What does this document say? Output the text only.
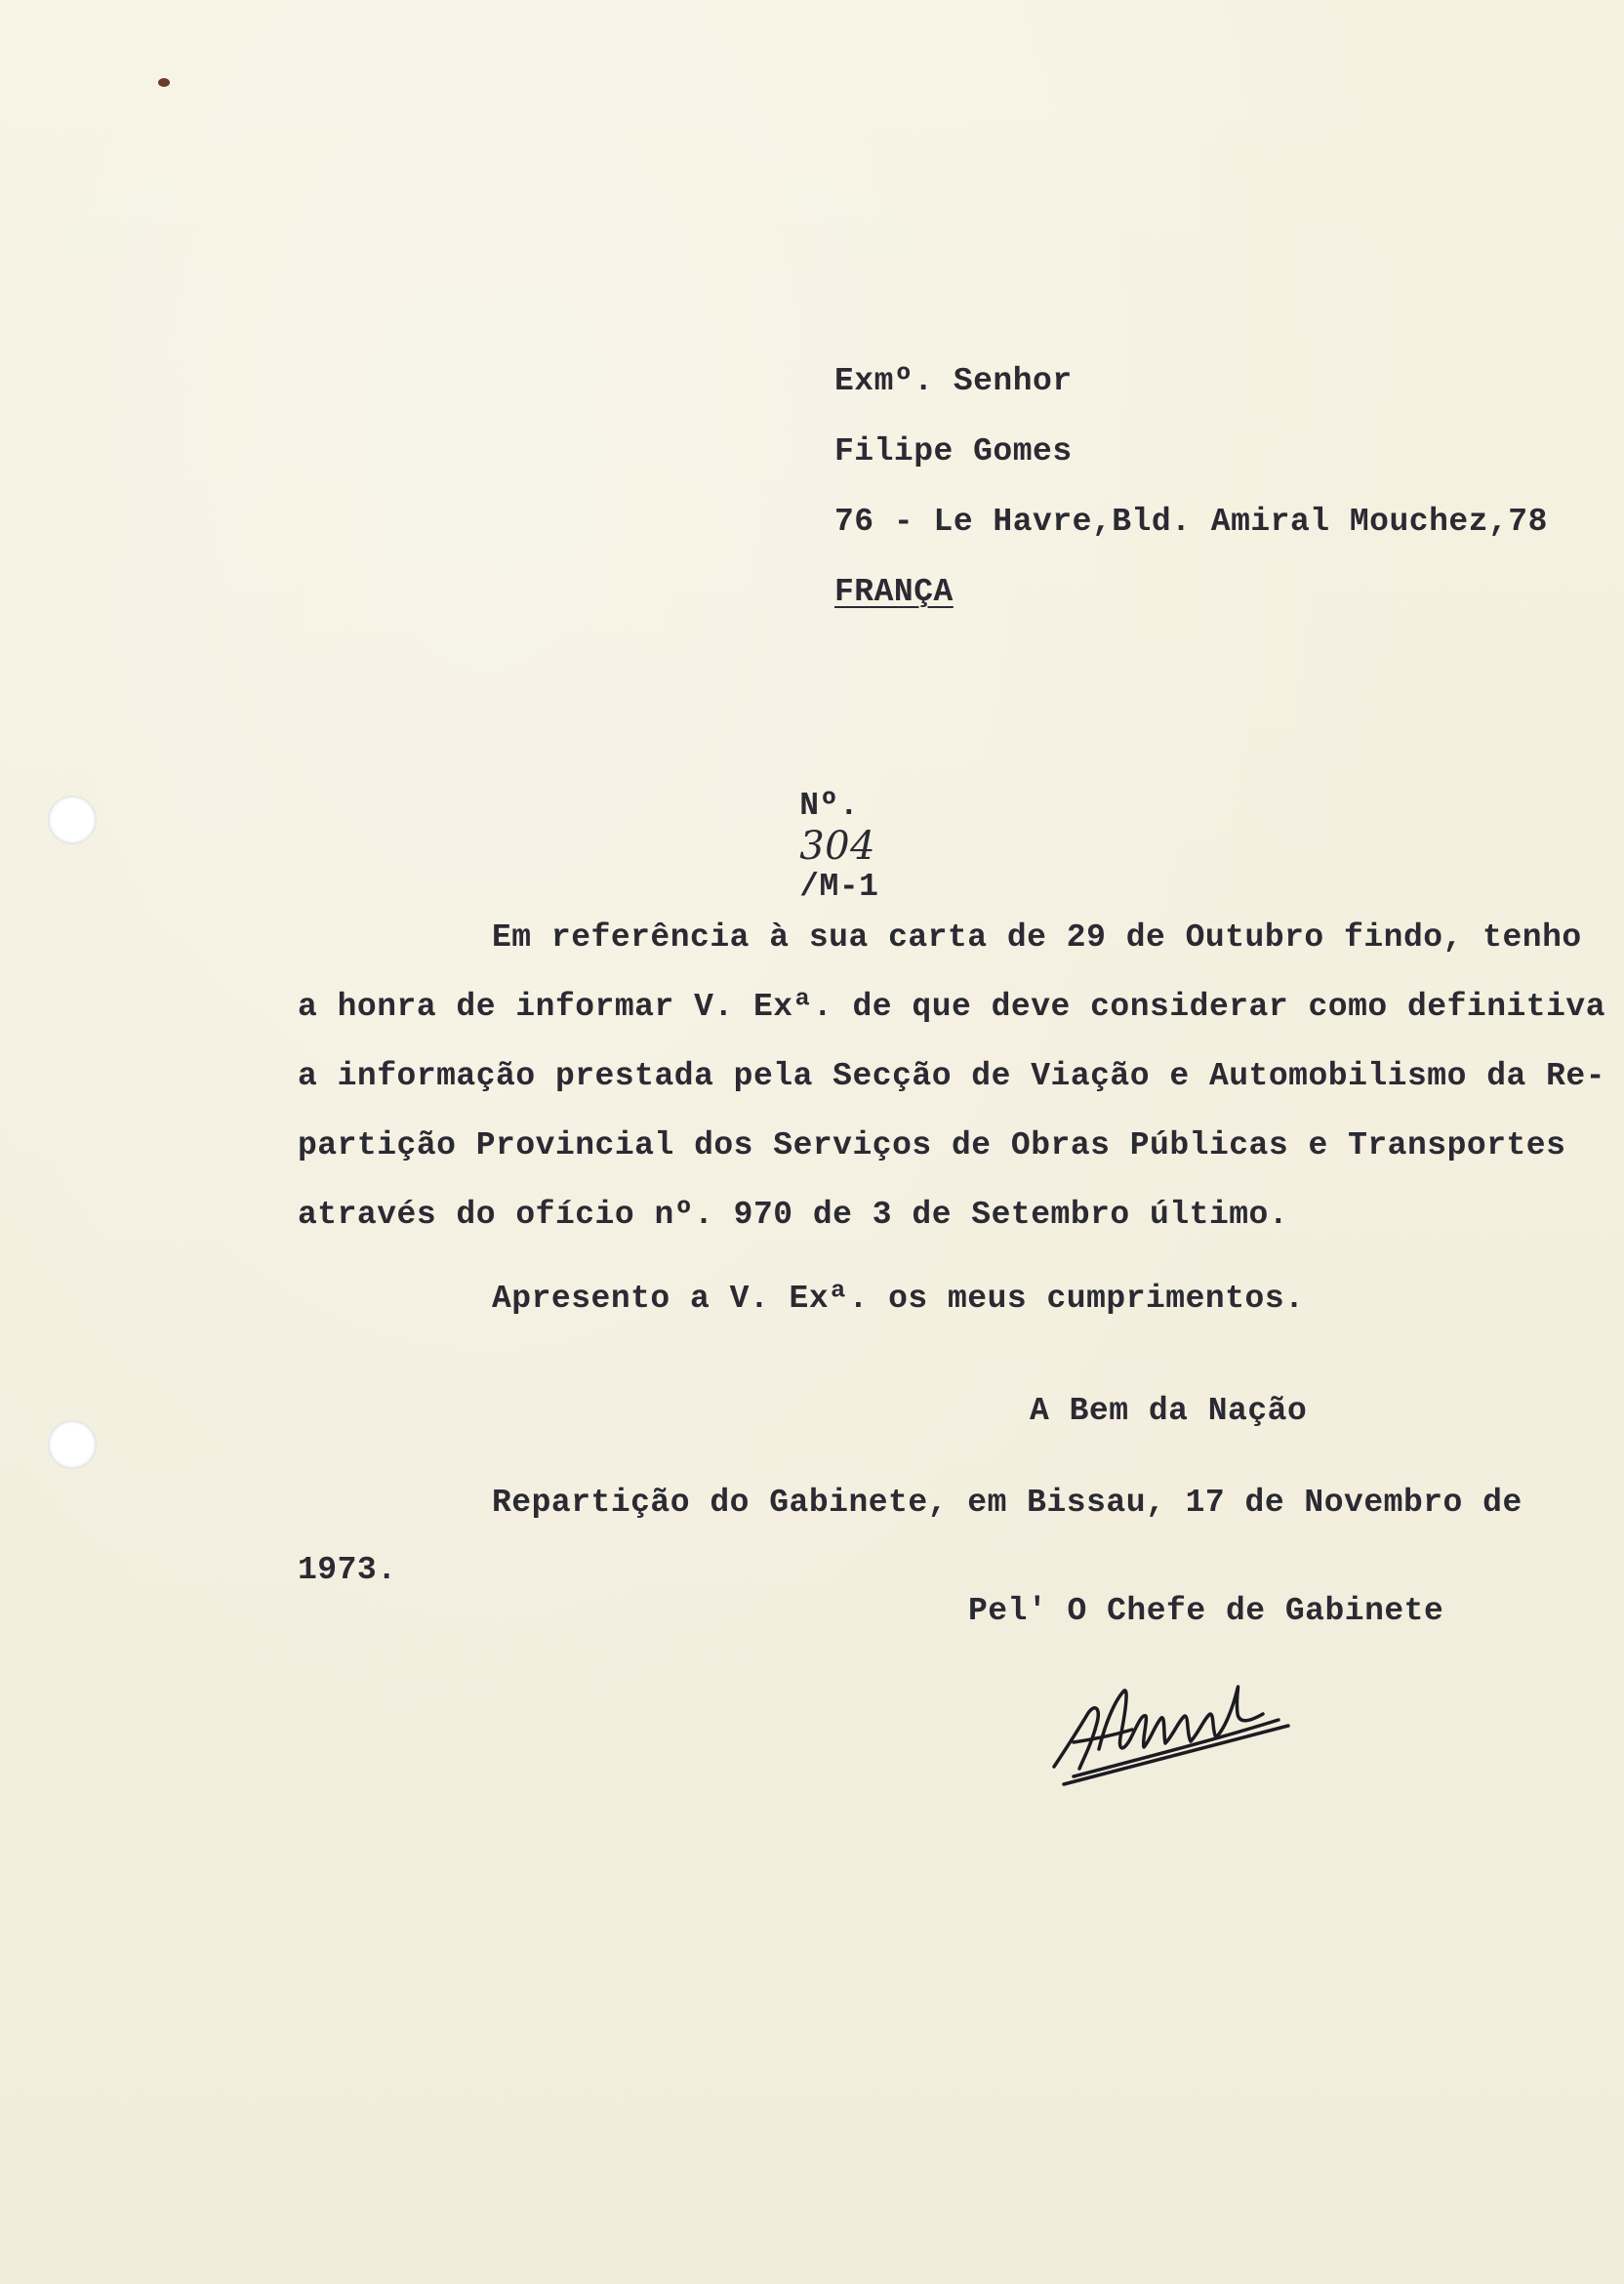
Exmº. Senhor
Filipe Gomes
76 - Le Havre,Bld. Amiral Mouchez,78
FRANÇA

Nº.
304
/M-1

Em referência à sua carta de 29 de Outubro findo, tenho
a honra de informar V. Exª. de que deve considerar como definitiva
a informação prestada pela Secção de Viação e Automobilismo da Re-
partição Provincial dos Serviços de Obras Públicas e Transportes
através do ofício nº. 970 de 3 de Setembro último.
Apresento a V. Exª. os meus cumprimentos.
A Bem da Nação
Repartição do Gabinete, em Bissau, 17 de Novembro de
1973.
Pel' O Chefe de Gabinete
